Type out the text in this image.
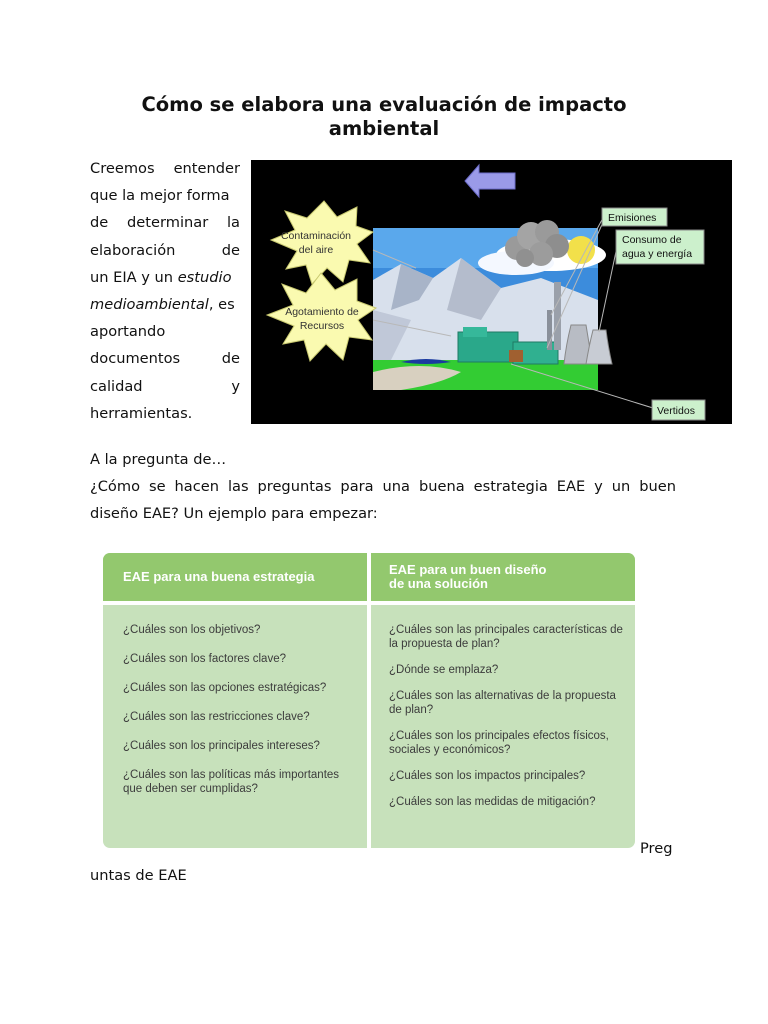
Cómo se elabora una evaluación de impacto ambiental
Creemos entender
que la mejor forma
de determinar la
elaboración	de
un EIA y un
estudio
medioambiental , es
aportando
documentos	de
calidad	y
herramientas.
Contaminación
del aire
Agotamiento de
Recursos
Emisiones
Consumo de
agua y energía
Vertidos
A la pregunta de…
¿Cómo se hacen las preguntas para una buena estrategia EAE y un buen diseño EAE? Un ejemplo para empezar:
EAE para una buena estrategia
¿Cuáles son los objetivos?
¿Cuáles son los factores clave?
¿Cuáles son las opciones estratégicas?
¿Cuáles son las restricciones clave?
¿Cuáles son los principales intereses?
¿Cuáles son las políticas más importantes que deben ser cumplidas?
EAE para un buen diseño
de una solución
¿Cuáles son las principales características de la propuesta de plan?
¿Dónde se emplaza?
¿Cuáles son las alternativas de la propuesta de plan?
¿Cuáles son los principales efectos físicos, sociales y económicos?
¿Cuáles son los impactos principales?
¿Cuáles son las medidas de mitigación?
Preg
untas de EAE
